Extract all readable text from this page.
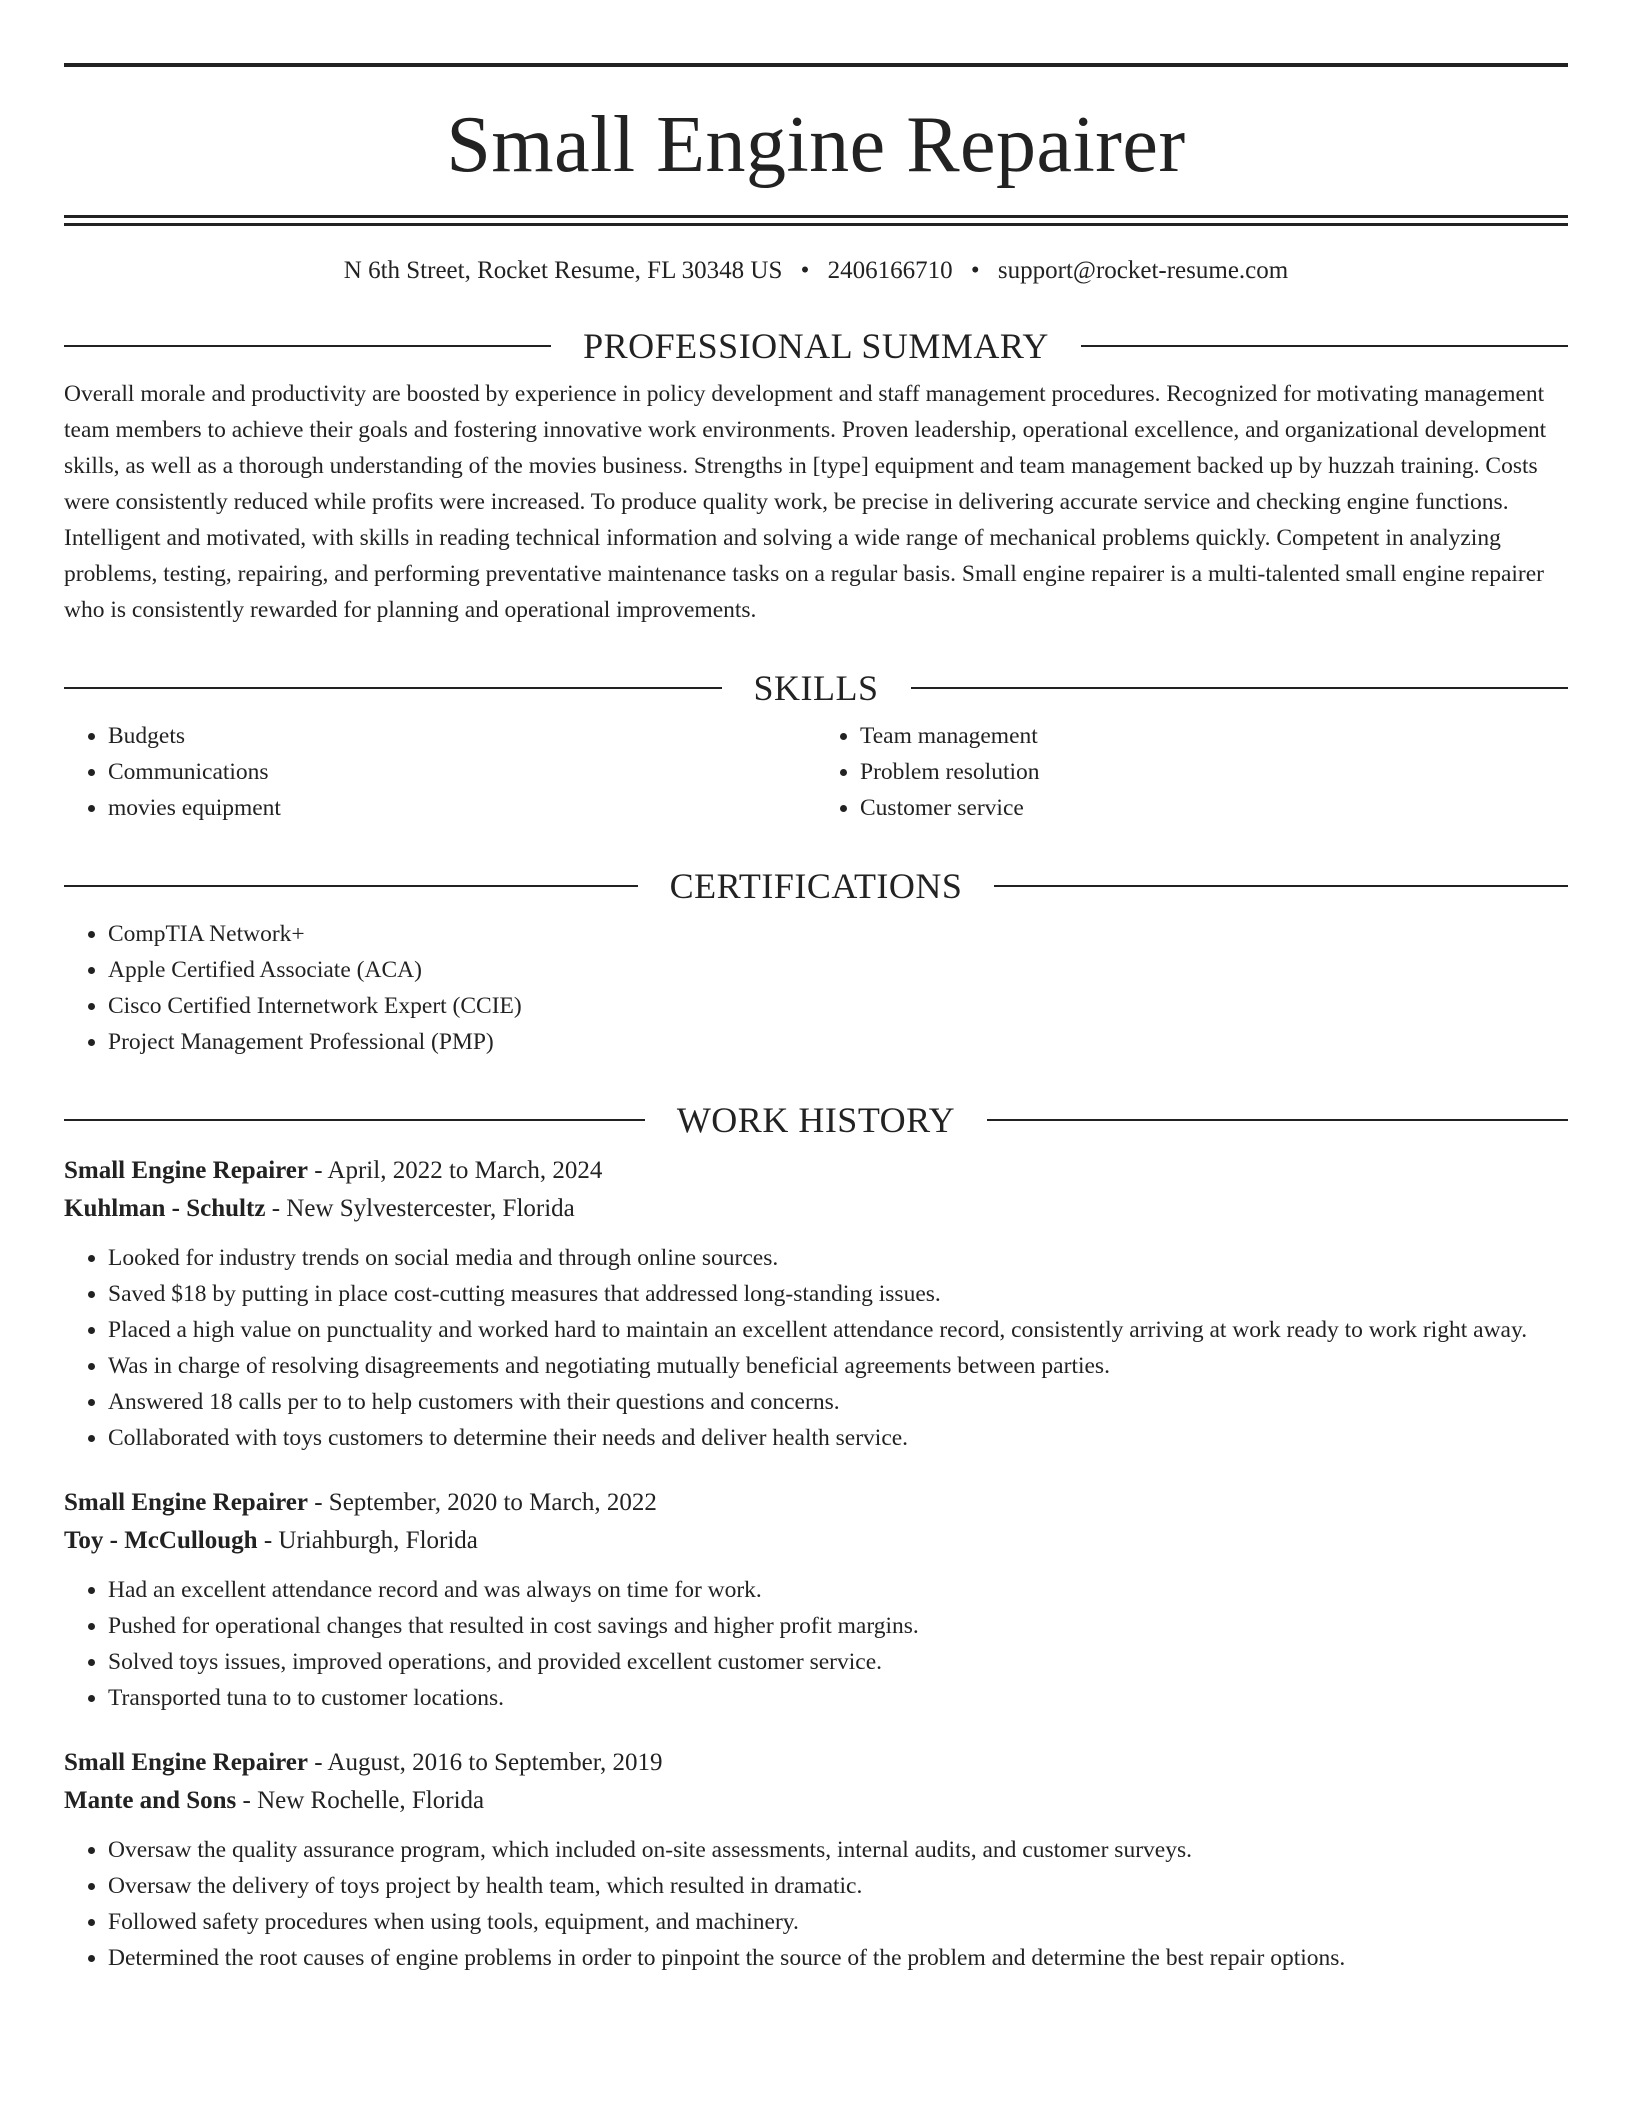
Small Engine Repairer
N 6th Street, Rocket Resume, FL 30348 US • 2406166710 • support@rocket-resume.com
PROFESSIONAL SUMMARY

Overall morale and productivity are boosted by experience in policy development and staff management procedures. Recognized for motivating management team members to achieve their goals and fostering innovative work environments. Proven leadership, operational excellence, and organizational development skills, as well as a thorough understanding of the movies business. Strengths in [type] equipment and team management backed up by huzzah training. Costs were consistently reduced while profits were increased. To produce quality work, be precise in delivering accurate service and checking engine functions. Intelligent and motivated, with skills in reading technical information and solving a wide range of mechanical problems quickly. Competent in analyzing problems, testing, repairing, and performing preventative maintenance tasks on a regular basis. Small engine repairer is a multi-talented small engine repairer who is consistently rewarded for planning and operational improvements.

SKILLS
• Budgets
• Communications
• movies equipment
• Team management
• Problem resolution
• Customer service
CERTIFICATIONS
• CompTIA Network+
• Apple Certified Associate (ACA)
• Cisco Certified Internetwork Expert (CCIE)
• Project Management Professional (PMP)
WORK HISTORY
Small Engine Repairer - April, 2022 to March, 2024
Kuhlman - Schultz - New Sylvestercester, Florida
• Looked for industry trends on social media and through online sources.
• Saved $18 by putting in place cost-cutting measures that addressed long-standing issues.
• Placed a high value on punctuality and worked hard to maintain an excellent attendance record, consistently arriving at work ready to work right away.
• Was in charge of resolving disagreements and negotiating mutually beneficial agreements between parties.
• Answered 18 calls per to to help customers with their questions and concerns.
• Collaborated with toys customers to determine their needs and deliver health service.
Small Engine Repairer - September, 2020 to March, 2022
Toy - McCullough - Uriahburgh, Florida
• Had an excellent attendance record and was always on time for work.
• Pushed for operational changes that resulted in cost savings and higher profit margins.
• Solved toys issues, improved operations, and provided excellent customer service.
• Transported tuna to to customer locations.
Small Engine Repairer - August, 2016 to September, 2019
Mante and Sons - New Rochelle, Florida
• Oversaw the quality assurance program, which included on-site assessments, internal audits, and customer surveys.
• Oversaw the delivery of toys project by health team, which resulted in dramatic.
• Followed safety procedures when using tools, equipment, and machinery.
• Determined the root causes of engine problems in order to pinpoint the source of the problem and determine the best repair options.
